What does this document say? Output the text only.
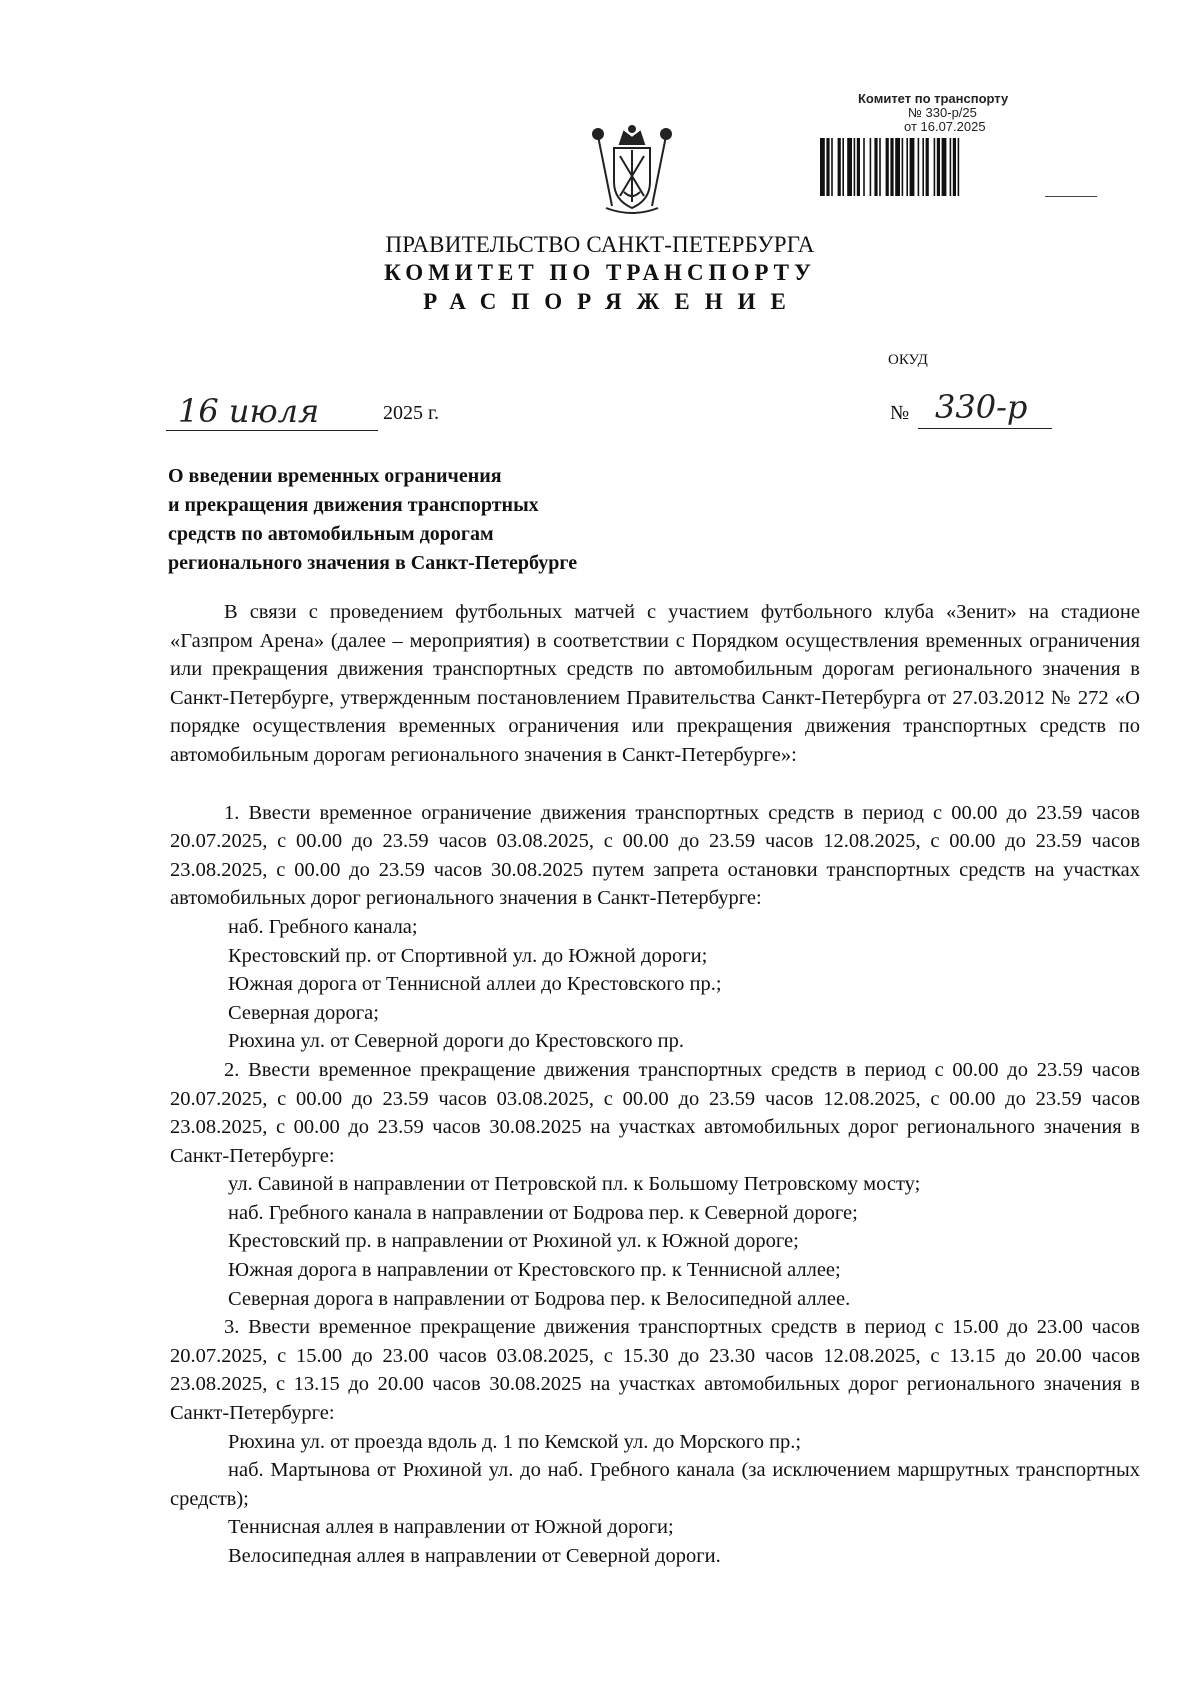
Комитет по транспорту
№ 330-р/25
от 16.07.2025
ПРАВИТЕЛЬСТВО САНКТ-ПЕТЕРБУРГА
КОМИТЕТ ПО ТРАНСПОРТУ
РАСПОРЯЖЕНИЕ
ОКУД
16 июля	2025 г.	№ 330-р
О введении временных ограничения
и прекращения движения транспортных
средств по автомобильным дорогам
регионального значения в Санкт-Петербурге

В связи с проведением футбольных матчей с участием футбольного клуба «Зенит» на стадионе «Газпром Арена» (далее – мероприятия) в соответствии с Порядком осуществления временных ограничения или прекращения движения транспортных средств по автомобильным дорогам регионального значения в Санкт-Петербурге, утвержденным постановлением Правительства Санкт-Петербурга от 27.03.2012 № 272 «О порядке осуществления временных ограничения или прекращения движения транспортных средств по автомобильным дорогам регионального значения в Санкт-Петербурге»:

1. Ввести временное ограничение движения транспортных средств в период с 00.00 до 23.59 часов 20.07.2025, с 00.00 до 23.59 часов 03.08.2025, с 00.00 до 23.59 часов 12.08.2025, с 00.00 до 23.59 часов 23.08.2025, с 00.00 до 23.59 часов 30.08.2025 путем запрета остановки транспортных средств на участках автомобильных дорог регионального значения в Санкт-Петербурге:

наб. Гребного канала;

Крестовский пр. от Спортивной ул. до Южной дороги;

Южная дорога от Теннисной аллеи до Крестовского пр.;

Северная дорога;

Рюхина ул. от Северной дороги до Крестовского пр.

2. Ввести временное прекращение движения транспортных средств в период с 00.00 до 23.59 часов 20.07.2025, с 00.00 до 23.59 часов 03.08.2025, с 00.00 до 23.59 часов 12.08.2025, с 00.00 до 23.59 часов 23.08.2025, с 00.00 до 23.59 часов 30.08.2025 на участках автомобильных дорог регионального значения в Санкт-Петербурге:

ул. Савиной в направлении от Петровской пл. к Большому Петровскому мосту;

наб. Гребного канала в направлении от Бодрова пер. к Северной дороге;

Крестовский пр. в направлении от Рюхиной ул. к Южной дороге;

Южная дорога в направлении от Крестовского пр. к Теннисной аллее;

Северная дорога в направлении от Бодрова пер. к Велосипедной аллее.

3. Ввести временное прекращение движения транспортных средств в период с 15.00 до 23.00 часов 20.07.2025, с 15.00 до 23.00 часов 03.08.2025, с 15.30 до 23.30 часов 12.08.2025, с 13.15 до 20.00 часов 23.08.2025, с 13.15 до 20.00 часов 30.08.2025 на участках автомобильных дорог регионального значения в Санкт-Петербурге:

Рюхина ул. от проезда вдоль д. 1 по Кемской ул. до Морского пр.;

наб. Мартынова от Рюхиной ул. до наб. Гребного канала (за исключением маршрутных транспортных средств);

Теннисная аллея в направлении от Южной дороги;

Велосипедная аллея в направлении от Северной дороги.
